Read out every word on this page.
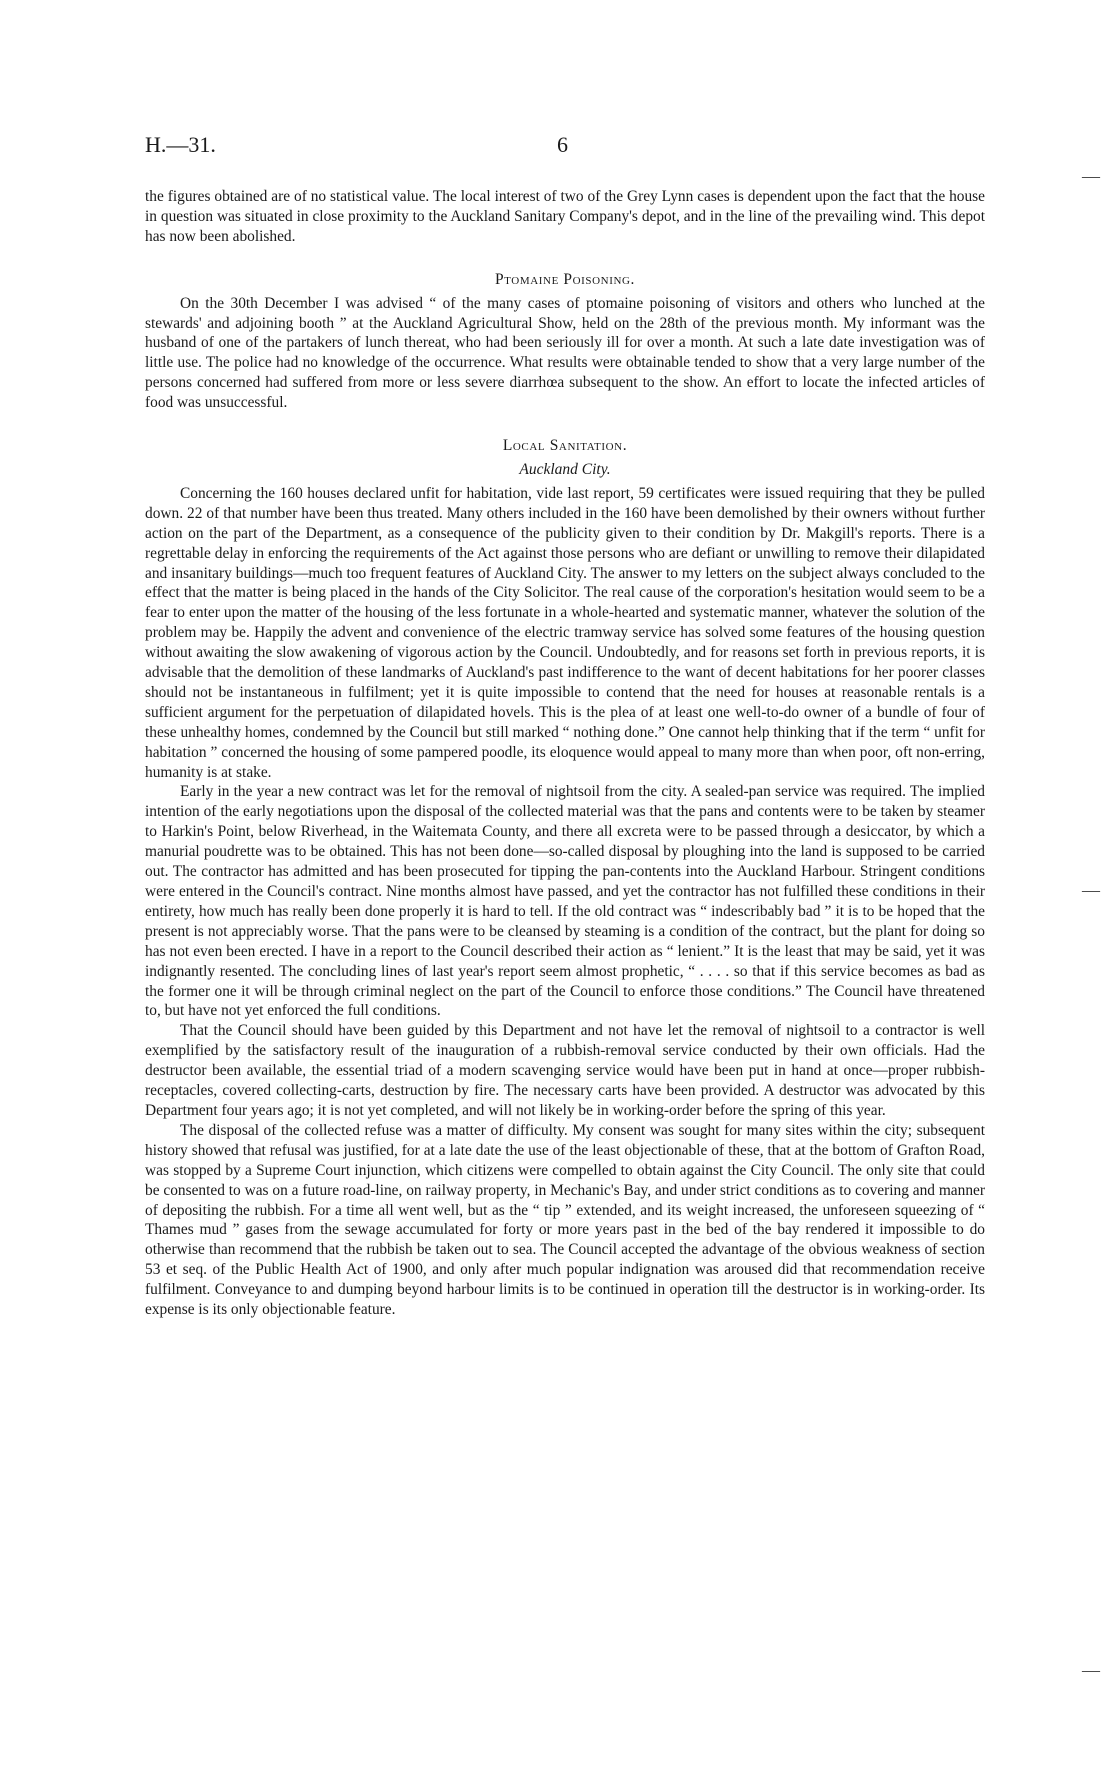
H.—31.	6
—
—
—

the figures obtained are of no statistical value. The local interest of two of the Grey Lynn cases is dependent upon the fact that the house in question was situated in close proximity to the Auckland Sanitary Company's depot, and in the line of the prevailing wind. This depot has now been abolished.

Ptomaine Poisoning.

On the 30th December I was advised “ of the many cases of ptomaine poisoning of visitors and others who lunched at the stewards' and adjoining booth ” at the Auckland Agricultural Show, held on the 28th of the previous month. My informant was the husband of one of the partakers of lunch thereat, who had been seriously ill for over a month. At such a late date investigation was of little use. The police had no knowledge of the occurrence. What results were obtainable tended to show that a very large number of the persons concerned had suffered from more or less severe diarrhœa subsequent to the show. An effort to locate the infected articles of food was unsuccessful.

Local Sanitation.

Auckland City.

Concerning the 160 houses declared unfit for habitation, vide last report, 59 certificates were issued requiring that they be pulled down. 22 of that number have been thus treated. Many others included in the 160 have been demolished by their owners without further action on the part of the Department, as a consequence of the publicity given to their condition by Dr. Makgill's reports. There is a regrettable delay in enforcing the requirements of the Act against those persons who are defiant or unwilling to remove their dilapidated and insanitary buildings—much too frequent features of Auckland City. The answer to my letters on the subject always concluded to the effect that the matter is being placed in the hands of the City Solicitor. The real cause of the corporation's hesitation would seem to be a fear to enter upon the matter of the housing of the less fortunate in a whole-hearted and systematic manner, whatever the solution of the problem may be. Happily the advent and convenience of the electric tramway service has solved some features of the housing question without awaiting the slow awakening of vigorous action by the Council. Undoubtedly, and for reasons set forth in previous reports, it is advisable that the demolition of these landmarks of Auckland's past indifference to the want of decent habitations for her poorer classes should not be instantaneous in fulfilment; yet it is quite impossible to contend that the need for houses at reasonable rentals is a sufficient argument for the perpetuation of dilapidated hovels. This is the plea of at least one well-to-do owner of a bundle of four of these unhealthy homes, condemned by the Council but still marked “ nothing done.” One cannot help thinking that if the term “ unfit for habitation ” concerned the housing of some pampered poodle, its eloquence would appeal to many more than when poor, oft non-erring, humanity is at stake.

Early in the year a new contract was let for the removal of nightsoil from the city. A sealed-pan service was required. The implied intention of the early negotiations upon the disposal of the collected material was that the pans and contents were to be taken by steamer to Harkin's Point, below Riverhead, in the Waitemata County, and there all excreta were to be passed through a desiccator, by which a manurial poudrette was to be obtained. This has not been done—so-called disposal by ploughing into the land is supposed to be carried out. The contractor has admitted and has been prosecuted for tipping the pan-contents into the Auckland Harbour. Stringent conditions were entered in the Council's contract. Nine months almost have passed, and yet the contractor has not fulfilled these conditions in their entirety, how much has really been done properly it is hard to tell. If the old contract was “ indescribably bad ” it is to be hoped that the present is not appreciably worse. That the pans were to be cleansed by steaming is a condition of the contract, but the plant for doing so has not even been erected. I have in a report to the Council described their action as “ lenient.” It is the least that may be said, yet it was indignantly resented. The concluding lines of last year's report seem almost prophetic, “ . . . . so that if this service becomes as bad as the former one it will be through criminal neglect on the part of the Council to enforce those conditions.” The Council have threatened to, but have not yet enforced the full conditions.

That the Council should have been guided by this Department and not have let the removal of nightsoil to a contractor is well exemplified by the satisfactory result of the inauguration of a rubbish-removal service conducted by their own officials. Had the destructor been available, the essential triad of a modern scavenging service would have been put in hand at once—proper rubbish-receptacles, covered collecting-carts, destruction by fire. The necessary carts have been provided. A destructor was advocated by this Department four years ago; it is not yet completed, and will not likely be in working-order before the spring of this year.

The disposal of the collected refuse was a matter of difficulty. My consent was sought for many sites within the city; subsequent history showed that refusal was justified, for at a late date the use of the least objectionable of these, that at the bottom of Grafton Road, was stopped by a Supreme Court injunction, which citizens were compelled to obtain against the City Council. The only site that could be consented to was on a future road-line, on railway property, in Mechanic's Bay, and under strict conditions as to covering and manner of depositing the rubbish. For a time all went well, but as the “ tip ” extended, and its weight increased, the unforeseen squeezing of “ Thames mud ” gases from the sewage accumulated for forty or more years past in the bed of the bay rendered it impossible to do otherwise than recommend that the rubbish be taken out to sea. The Council accepted the advantage of the obvious weakness of section 53 et seq. of the Public Health Act of 1900, and only after much popular indignation was aroused did that recommendation receive fulfilment. Conveyance to and dumping beyond harbour limits is to be continued in operation till the destructor is in working-order. Its expense is its only objectionable feature.
